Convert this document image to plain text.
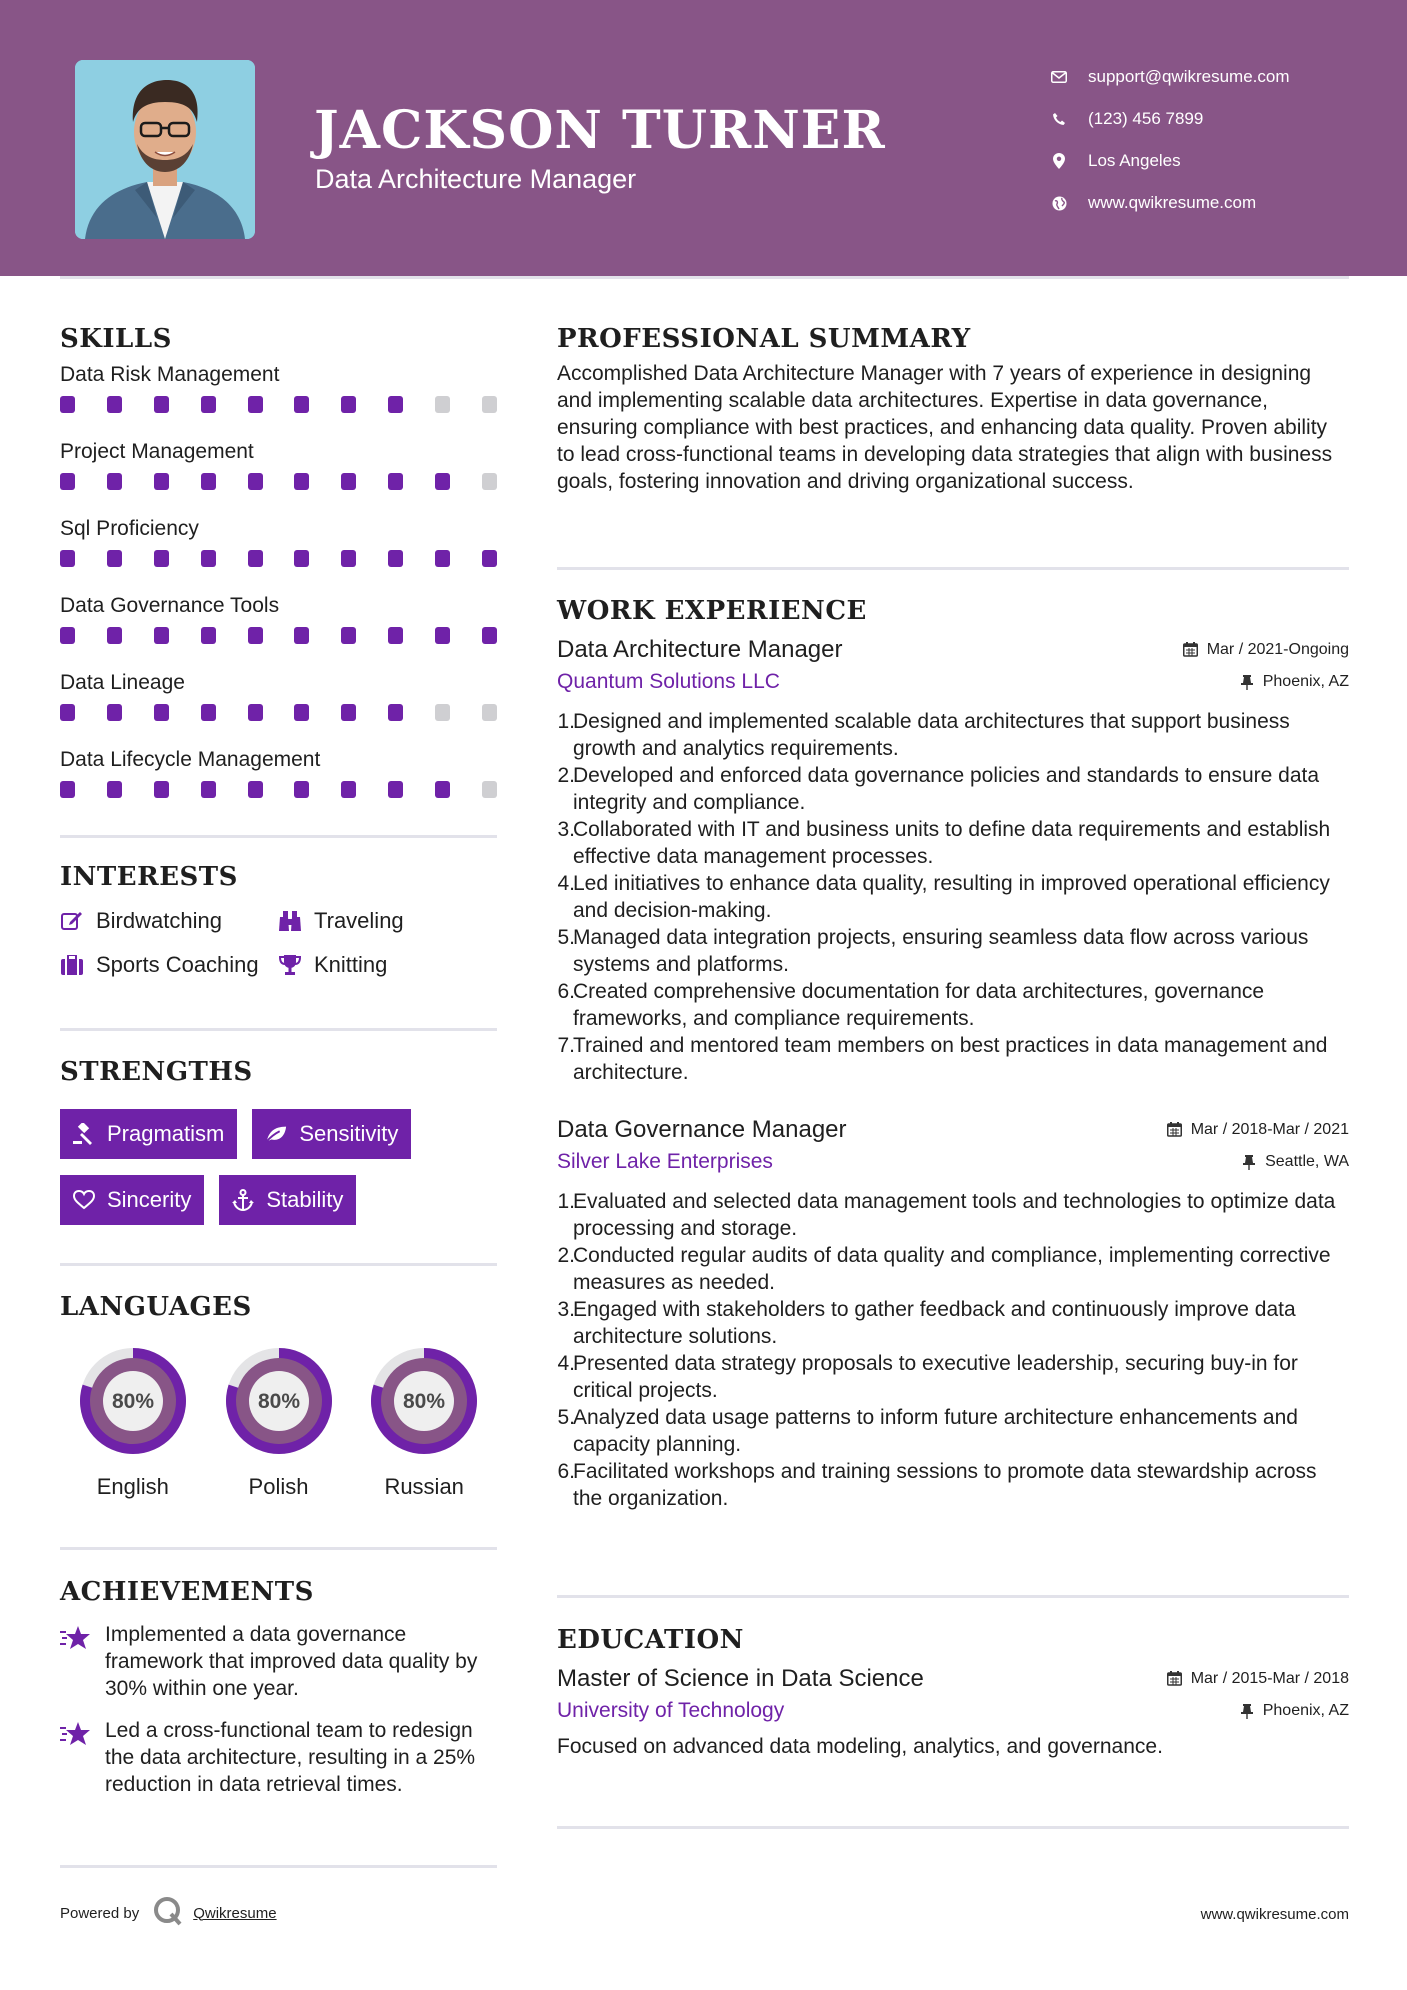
JACKSON TURNER
Data Architecture Manager
support@qwikresume.com
(123) 456 7899
Los Angeles
www.qwikresume.com
SKILLS
Data Risk Management
Project Management
Sql Proficiency
Data Governance Tools
Data Lineage
Data Lifecycle Management
INTERESTS
Birdwatching	Traveling
Sports Coaching	Knitting
STRENGTHS
Pragmatism	Sensitivity
Sincerity	Stability
LANGUAGES
80%
English
80%
Polish
80%
Russian
ACHIEVEMENTS
Implemented a data governance framework that improved data quality by 30% within one year.
Led a cross-functional team to redesign the data architecture, resulting in a 25% reduction in data retrieval times.
PROFESSIONAL SUMMARY
Accomplished Data Architecture Manager with 7 years of experience in designing and implementing scalable data architectures. Expertise in data governance, ensuring compliance with best practices, and enhancing data quality. Proven ability to lead cross-functional teams in developing data strategies that align with business goals, fostering innovation and driving organizational success.
WORK EXPERIENCE
Data Architecture Manager	Mar / 2021-Ongoing
Quantum Solutions LLC	Phoenix, AZ
1.
Designed and implemented scalable data architectures that support business growth and analytics requirements.
2.
Developed and enforced data governance policies and standards to ensure data integrity and compliance.
3.
Collaborated with IT and business units to define data requirements and establish effective data management processes.
4.
Led initiatives to enhance data quality, resulting in improved operational efficiency and decision-making.
5.
Managed data integration projects, ensuring seamless data flow across various systems and platforms.
6.
Created comprehensive documentation for data architectures, governance frameworks, and compliance requirements.
7.
Trained and mentored team members on best practices in data management and architecture.
Data Governance Manager	Mar / 2018-Mar / 2021
Silver Lake Enterprises	Seattle, WA
1.
Evaluated and selected data management tools and technologies to optimize data processing and storage.
2.
Conducted regular audits of data quality and compliance, implementing corrective measures as needed.
3.
Engaged with stakeholders to gather feedback and continuously improve data architecture solutions.
4.
Presented data strategy proposals to executive leadership, securing buy-in for critical projects.
5.
Analyzed data usage patterns to inform future architecture enhancements and capacity planning.
6.
Facilitated workshops and training sessions to promote data stewardship across the organization.
EDUCATION
Master of Science in Data Science	Mar / 2015-Mar / 2018
University of Technology	Phoenix, AZ
Focused on advanced data modeling, analytics, and governance.
Powered by	Qwikresume	www.qwikresume.com
